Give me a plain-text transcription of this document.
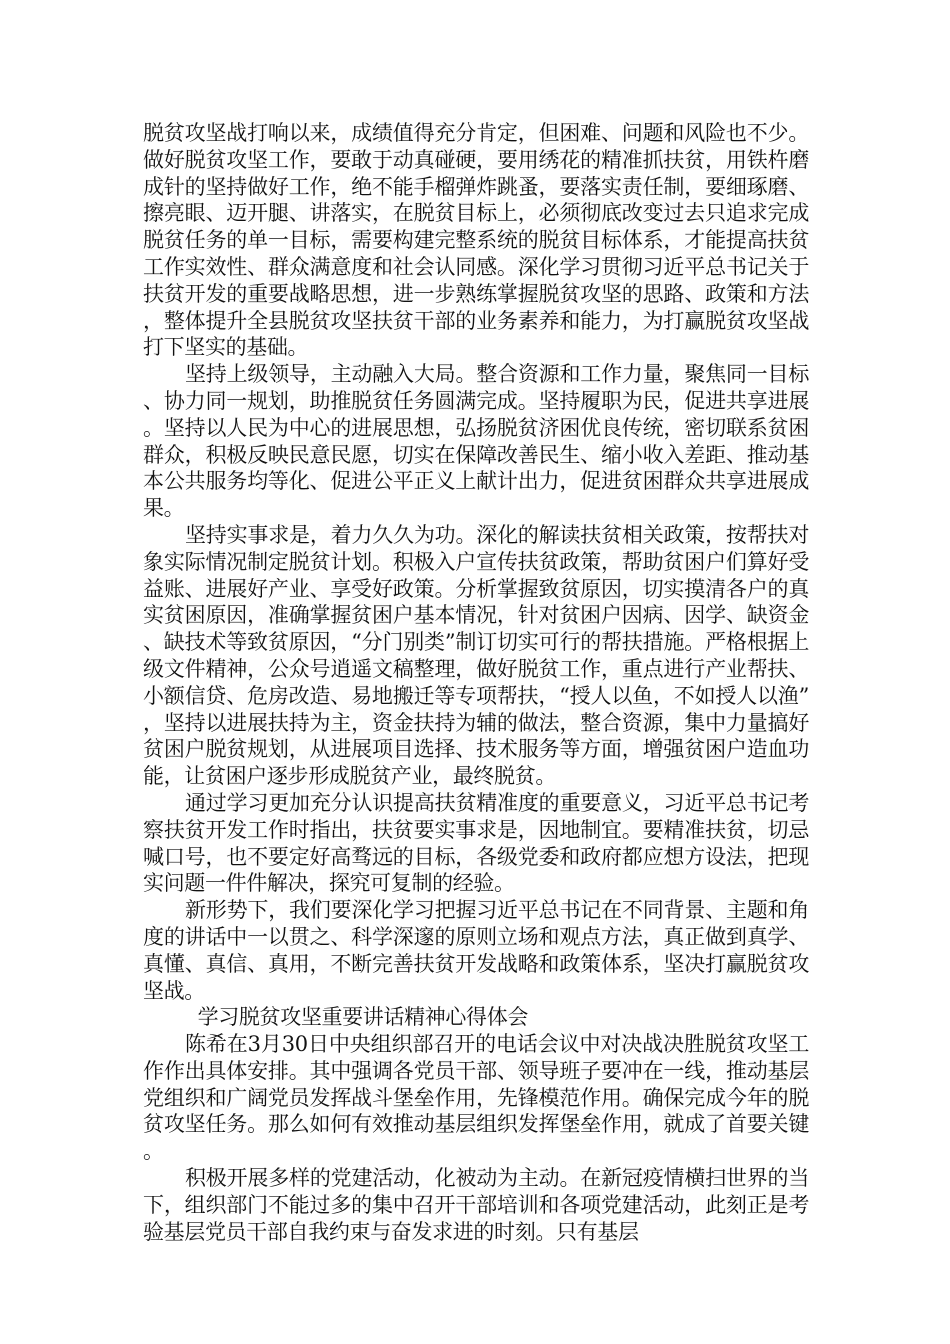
脱贫攻坚战打响以来，成绩值得充分肯定，但困难、问题和风险也不少。做好脱贫攻坚工作，要敢于动真碰硬，要用绣花的精准抓扶贫，用铁杵磨成针的坚持做好工作，绝不能手榴弹炸跳蚤，要落实责任制，要细琢磨、擦亮眼、迈开腿、讲落实，在脱贫目标上，必须彻底改变过去只追求完成脱贫任务的单一目标，需要构建完整系统的脱贫目标体系，才能提高扶贫工作实效性、群众满意度和社会认同感。深化学习贯彻习近平总书记关于扶贫开发的重要战略思想，进一步熟练掌握脱贫攻坚的思路、政策和方法，整体提升全县脱贫攻坚扶贫干部的业务素养和能力，为打赢脱贫攻坚战打下坚实的基础。

坚持上级领导，主动融入大局。整合资源和工作力量，聚焦同一目标、协力同一规划，助推脱贫任务圆满完成。坚持履职为民，促进共享进展。坚持以人民为中心的进展思想，弘扬脱贫济困优良传统，密切联系贫困群众，积极反映民意民愿，切实在保障改善民生、缩小收入差距、推动基本公共服务均等化、促进公平正义上献计出力，促进贫困群众共享进展成果。

坚持实事求是，着力久久为功。深化的解读扶贫相关政策，按帮扶对象实际情况制定脱贫计划。积极入户宣传扶贫政策，帮助贫困户们算好受益账、进展好产业、享受好政策。分析掌握致贫原因，切实摸清各户的真实贫困原因，准确掌握贫困户基本情况，针对贫困户因病、因学、缺资金、缺技术等致贫原因，“分门别类”制订切实可行的帮扶措施。严格根据上级文件精神，公众号逍遥文稿整理，做好脱贫工作，重点进行产业帮扶、小额信贷、危房改造、易地搬迁等专项帮扶，“授人以鱼，不如授人以渔”，坚持以进展扶持为主，资金扶持为辅的做法，整合资源，集中力量搞好贫困户脱贫规划，从进展项目选择、技术服务等方面，增强贫困户造血功能，让贫困户逐步形成脱贫产业，最终脱贫。

通过学习更加充分认识提高扶贫精准度的重要意义，习近平总书记考察扶贫开发工作时指出，扶贫要实事求是，因地制宜。要精准扶贫，切忌喊口号，也不要定好高骛远的目标，各级党委和政府都应想方设法，把现实问题一件件解决，探究可复制的经验。

新形势下，我们要深化学习把握习近平总书记在不同背景、主题和角度的讲话中一以贯之、科学深邃的原则立场和观点方法，真正做到真学、真懂、真信、真用，不断完善扶贫开发战略和政策体系，坚决打赢脱贫攻坚战。

学习脱贫攻坚重要讲话精神心得体会

陈希在3月30日中央组织部召开的电话会议中对决战决胜脱贫攻坚工作作出具体安排。其中强调各党员干部、领导班子要冲在一线，推动基层党组织和广阔党员发挥战斗堡垒作用，先锋模范作用。确保完成今年的脱贫攻坚任务。那么如何有效推动基层组织发挥堡垒作用，就成了首要关键。

积极开展多样的党建活动，化被动为主动。在新冠疫情横扫世界的当下，组织部门不能过多的集中召开干部培训和各项党建活动，此刻正是考验基层党员干部自我约束与奋发求进的时刻。只有基层
